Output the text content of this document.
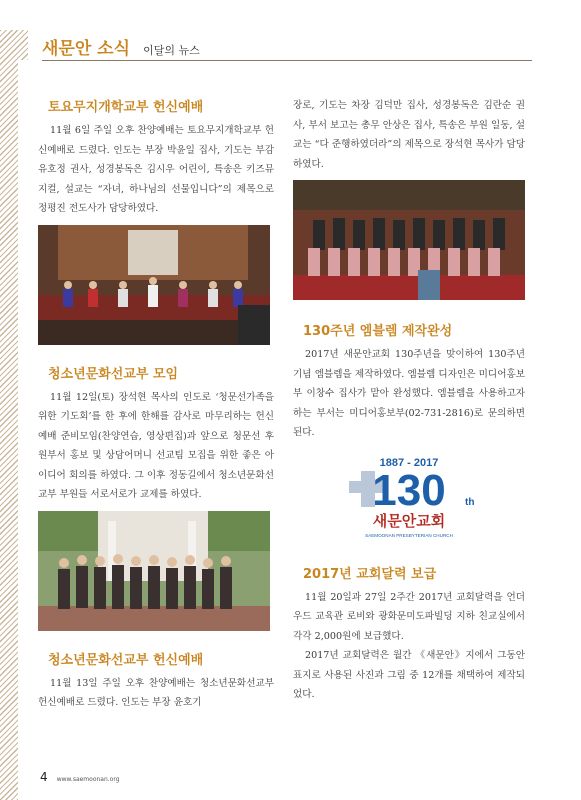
새문안 소식 이달의 뉴스
토요무지개학교부 헌신예배

11월 6일 주일 오후 찬양예배는 토요무지개학교부 헌신예배로 드렸다. 인도는 부장 박윤일 집사, 기도는 부감 유호정 권사, 성경봉독은 김시우 어린이, 특송은 키즈뮤지컬, 설교는 “자녀, 하나님의 선물입니다”의 제목으로 정평진 전도사가 담당하였다.

청소년문화선교부 모임

11월 12일(토) 장석현 목사의 인도로 ‘청문선가족을 위한 기도회’를 한 후에 한해를 감사로 마무리하는 헌신예배 준비모임(찬양연습, 영상편집)과 앞으로 청문선 후원부서 홍보 및 상담어머니 선교팀 모집을 위한 좋은 아이디어 회의를 하였다. 그 이후 정동길에서 청소년문화선교부 부원들 서로서로가 교제를 하였다.

청소년문화선교부 헌신예배

11월 13일 주일 오후 찬양예배는 청소년문화선교부 헌신예배로 드렸다. 인도는 부장 윤호기

장로, 기도는 차장 김덕만 집사, 성경봉독은 김란순 권사, 부서 보고는 총무 안상은 집사, 특송은 부원 일동, 설교는 “다 준행하였더라”의 제목으로 장석현 목사가 담당하였다.

130주년 엠블렘 제작완성

2017년 새문안교회 130주년을 맞이하여 130주년 기념 엠블렘을 제작하였다. 엠블렘 디자인은 미디어홍보부 이창수 집사가 맡아 완성했다. 엠블렘을 사용하고자 하는 부서는 미디어홍보부(02-731-2816)로 문의하면 된다.

1887 - 2017
130 th
새문안교회
SAEMOONAN PRESBYTERIAN CHURCH
2017년 교회달력 보급

11월 20일과 27일 2주간 2017년 교회달력을 언더우드 교육관 로비와 광화문미도파빌딩 지하 친교실에서 각각 2,000원에 보급했다.

2017년 교회달력은 월간 《새문안》지에서 그동안표지로 사용된 사진과 그림 중 12개를 채택하여 제작되었다.

4 www.saemoonan.org
